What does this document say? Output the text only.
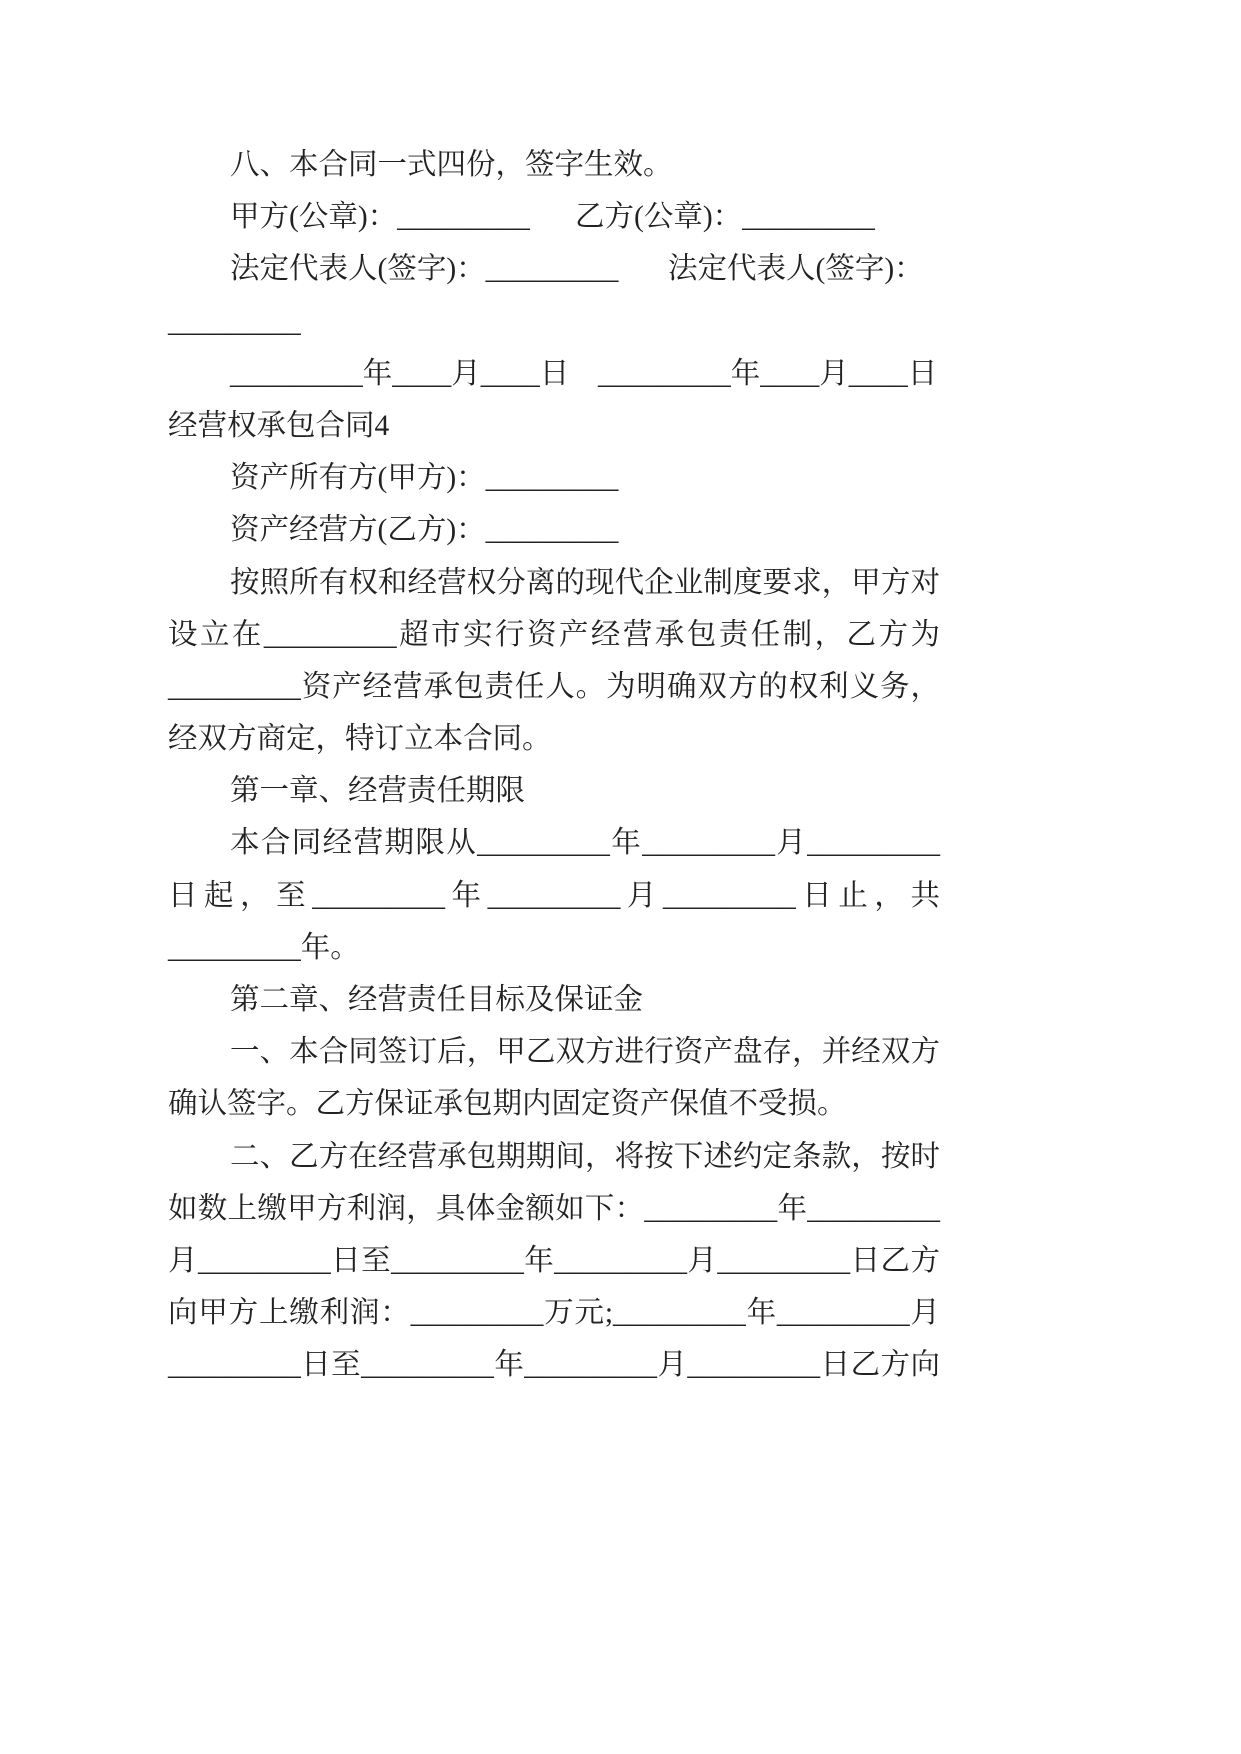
八、本合同一式四份，签字生效。
甲方(公章)：_________ 乙方(公章)：_________
法定代表人(签字)：_________ 法定代表人(签字)：
_________
_________年____月____日 _________年____月____日
经营权承包合同4
资产所有方(甲方)：_________
资产经营方(乙方)：_________
按照所有权和经营权分离的现代企业制度要求，甲方对
设立在_________超市实行资产经营承包责任制，乙方为
_________资产经营承包责任人。为明确双方的权利义务，
经双方商定，特订立本合同。
第一章、经营责任期限
本合同经营期限从_________年_________月_________
日起，至_________年_________月_________日止，共
_________年。
第二章、经营责任目标及保证金
一、本合同签订后，甲乙双方进行资产盘存，并经双方
确认签字。乙方保证承包期内固定资产保值不受损。
二、乙方在经营承包期期间，将按下述约定条款，按时
如数上缴甲方利润，具体金额如下：_________年_________
月_________日至_________年_________月_________日乙方
向甲方上缴利润：_________万元;_________年_________月
_________日至_________年_________月_________日乙方向
